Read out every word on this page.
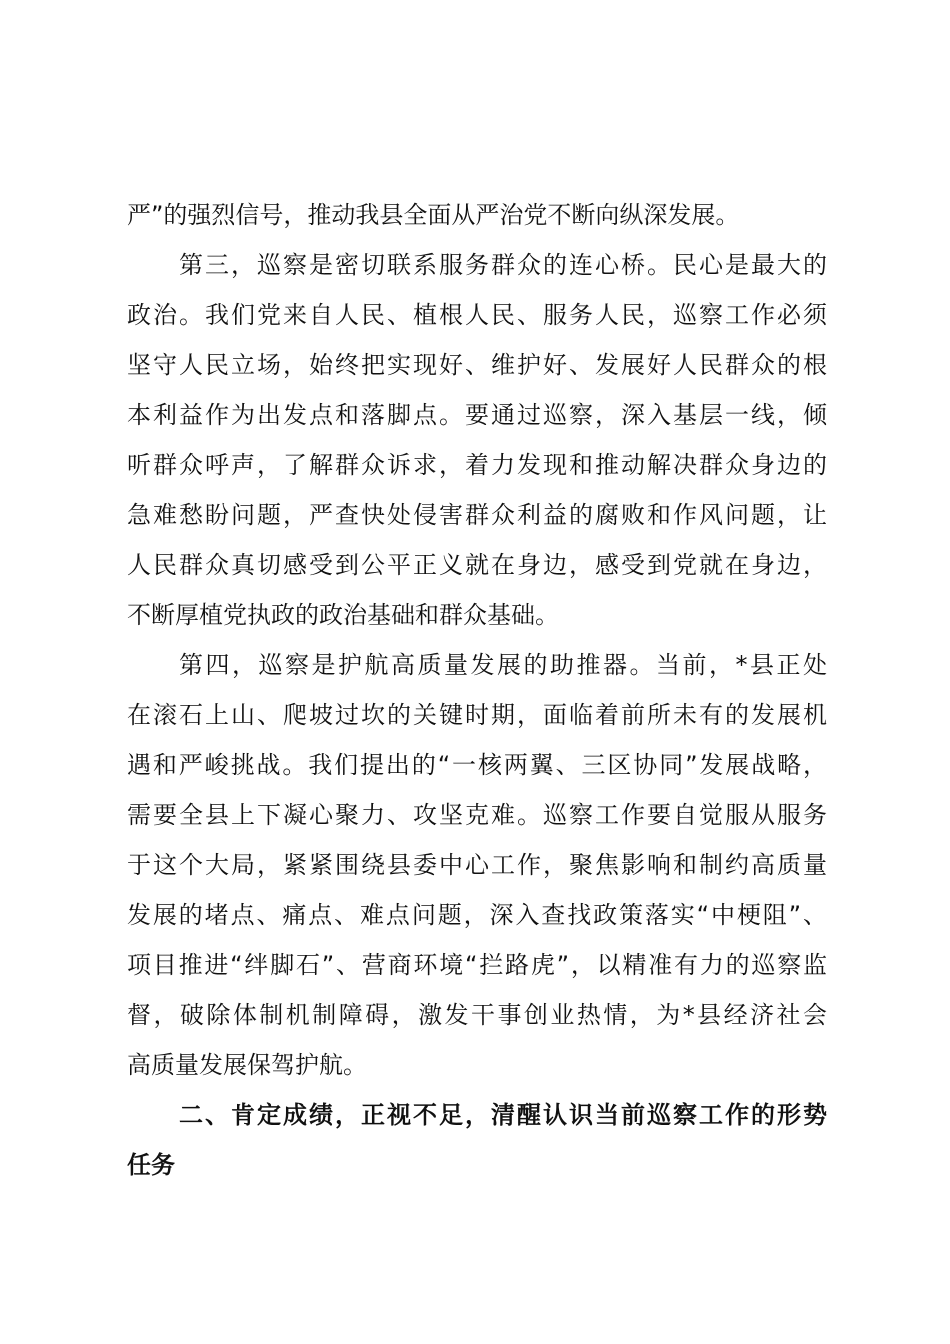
严”的强烈信号，推动我县全面从严治党不断向纵深发展。
第三，巡察是密切联系服务群众的连心桥。民心是最大的
政治。我们党来自人民、植根人民、服务人民，巡察工作必须
坚守人民立场，始终把实现好、维护好、发展好人民群众的根
本利益作为出发点和落脚点。要通过巡察，深入基层一线，倾
听群众呼声，了解群众诉求，着力发现和推动解决群众身边的
急难愁盼问题，严查快处侵害群众利益的腐败和作风问题，让
人民群众真切感受到公平正义就在身边，感受到党就在身边，
不断厚植党执政的政治基础和群众基础。
第四，巡察是护航高质量发展的助推器。当前，*县正处
在滚石上山、爬坡过坎的关键时期，面临着前所未有的发展机
遇和严峻挑战。我们提出的“一核两翼、三区协同”发展战略，
需要全县上下凝心聚力、攻坚克难。巡察工作要自觉服从服务
于这个大局，紧紧围绕县委中心工作，聚焦影响和制约高质量
发展的堵点、痛点、难点问题，深入查找政策落实“中梗阻”、
项目推进“绊脚石”、营商环境“拦路虎”，以精准有力的巡察监
督，破除体制机制障碍，激发干事创业热情，为*县经济社会
高质量发展保驾护航。
二、肯定成绩，正视不足，清醒认识当前巡察工作的形势
任务
